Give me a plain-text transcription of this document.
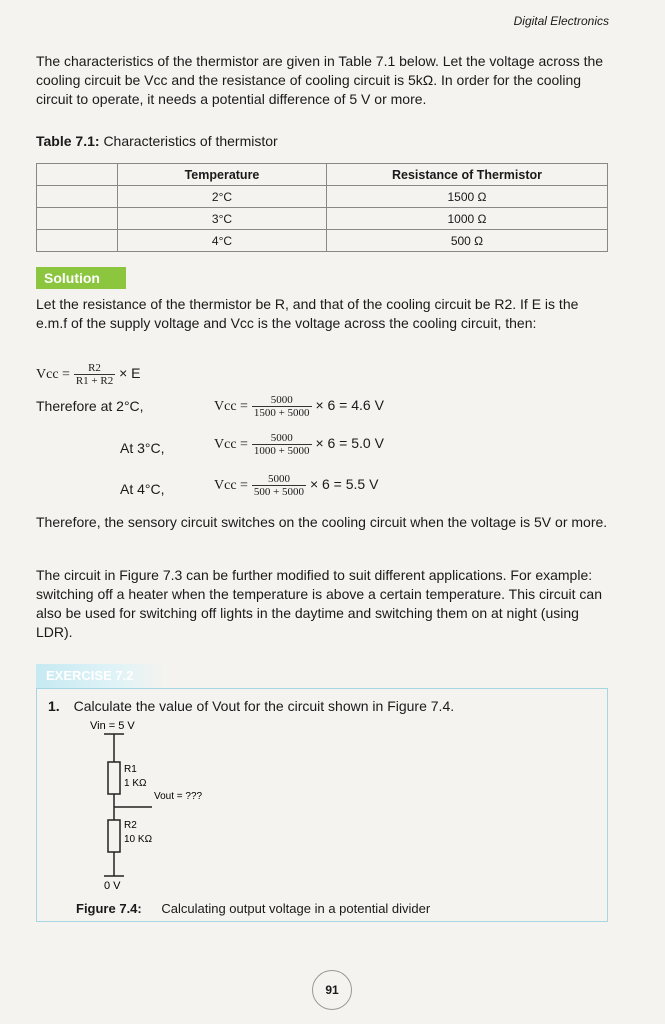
Digital Electronics
The characteristics of the thermistor are given in Table 7.1 below. Let the voltage across the cooling circuit be Vcc and the resistance of cooling circuit is 5kΩ. In order for the cooling circuit to operate, it needs a potential difference of 5 V or more.
Table 7.1: Characteristics of thermistor
	Temperature	Resistance of Thermistor
	2°C	1500 Ω
	3°C	1000 Ω
	4°C	500 Ω
Solution
Let the resistance of the thermistor be R, and that of the cooling circuit be R2. If E is the e.m.f of the supply voltage and Vcc is the voltage across the cooling circuit, then:
Vcc = $\frac{R2}{R1 + R2} \times E$
Therefore at 2°C,	Vcc = $\frac{5000}{1500 + 5000} \times 6 = 4.6$ V
At 3°C,	Vcc = $\frac{5000}{1000 + 5000} \times 6 = 5.0$ V
At 4°C,	Vcc = $\frac{5000}{500 + 5000} \times 6 = 5.5$ V
Therefore, the sensory circuit switches on the cooling circuit when the voltage is 5V or more.
The circuit in Figure 7.3 can be further modified to suit different applications. For example: switching off a heater when the temperature is above a certain temperature. This circuit can also be used for switching off lights in the daytime and switching them on at night (using LDR).
EXERCISE 7.2
1. Calculate the value of Vout for the circuit shown in Figure 7.4.
Vin = 5 V
R1
1 KΩ
Vout = ???
R2
10 KΩ
0 V
Figure 7.4: Calculating output voltage in a potential divider
91
